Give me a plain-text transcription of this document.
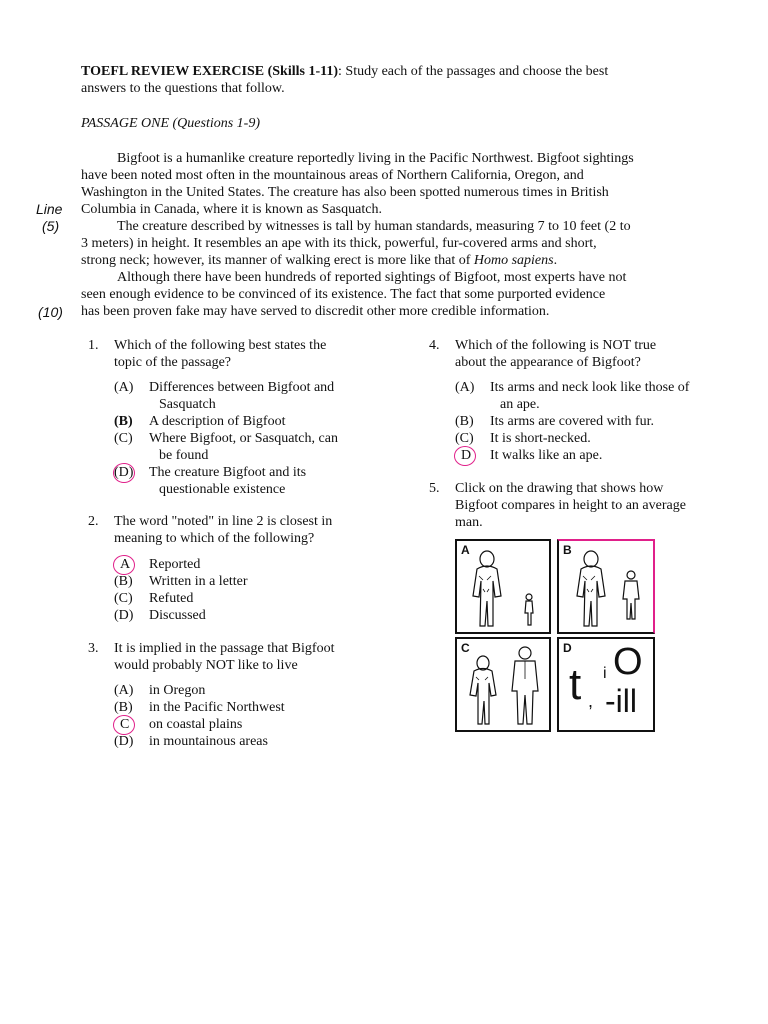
TOEFL REVIEW EXERCISE (Skills 1-11): Study each of the passages and choose the best
answers to the questions that follow.
PASSAGE ONE (Questions 1-9)
Line
(5)
(10)
Bigfoot is a humanlike creature reportedly living in the Pacific Northwest. Bigfoot sightings
have been noted most often in the mountainous areas of Northern California, Oregon, and
Washington in the United States. The creature has also been spotted numerous times in British
Columbia in Canada, where it is known as Sasquatch.
The creature described by witnesses is tall by human standards, measuring 7 to 10 feet (2 to
3 meters) in height. It resembles an ape with its thick, powerful, fur-covered arms and short,
strong neck; however, its manner of walking erect is more like that of Homo sapiens.
Although there have been hundreds of reported sightings of Bigfoot, most experts have not
seen enough evidence to be convinced of its existence. The fact that some purported evidence
has been proven fake may have served to discredit other more credible information.
1. Which of the following best states the
topic of the passage?
(A) Differences between Bigfoot and
Sasquatch
(B) A description of Bigfoot
(C) Where Bigfoot, or Sasquatch, can
be found
(D) The creature Bigfoot and its
questionable existence
2. The word "noted" in line 2 is closest in
meaning to which of the following?
A Reported
(B) Written in a letter
(C) Refuted
(D) Discussed
3. It is implied in the passage that Bigfoot
would probably NOT like to live
(A) in Oregon
(B) in the Pacific Northwest
C on coastal plains
(D) in mountainous areas
4. Which of the following is NOT true
about the appearance of Bigfoot?
(A) Its arms and neck look like those of
an ape.
(B) Its arms are covered with fur.
(C) It is short-necked.
D It walks like an ape.
5. Click on the drawing that shows how
Bigfoot compares in height to an average
man.
A	B
C	D
t ,
i O
-ill
